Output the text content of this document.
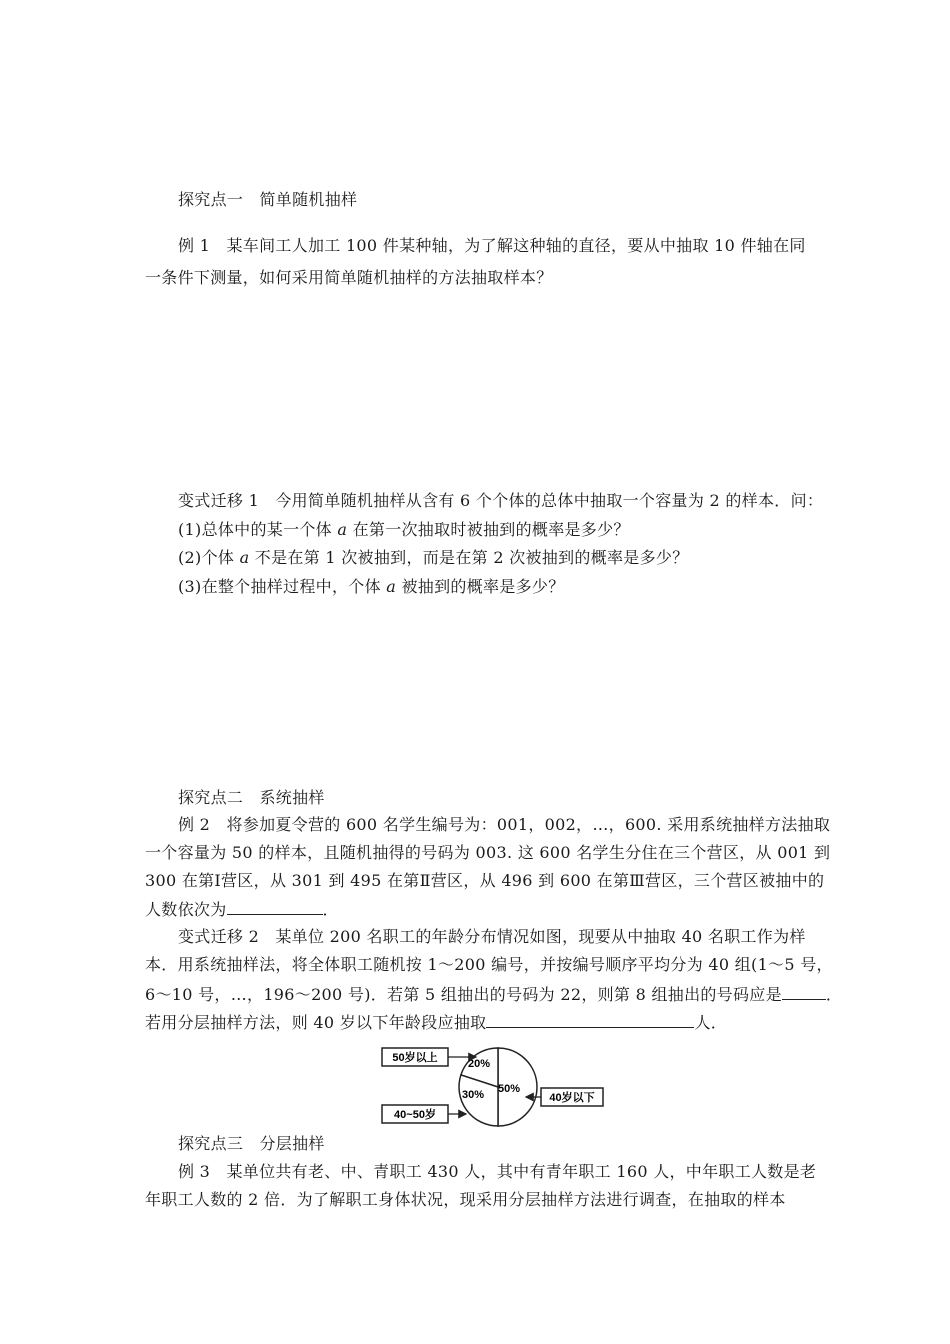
探究点一　简单随机抽样
例 1　某车间工人加工 100 件某种轴，为了解这种轴的直径，要从中抽取 10 件轴在同
一条件下测量，如何采用简单随机抽样的方法抽取样本？
变式迁移 1　今用简单随机抽样从含有 6 个个体的总体中抽取一个容量为 2 的样本．问：
(1)总体中的某一个体 a 在第一次抽取时被抽到的概率是多少？
(2)个体 a 不是在第 1 次被抽到，而是在第 2 次被抽到的概率是多少？
(3)在整个抽样过程中，个体 a 被抽到的概率是多少？
探究点二　系统抽样
例 2　将参加夏令营的 600 名学生编号为：001，002，…，600. 采用系统抽样方法抽取
一个容量为 50 的样本，且随机抽得的号码为 003. 这 600 名学生分住在三个营区，从 001 到
300 在第Ⅰ营区，从 301 到 495 在第Ⅱ营区，从 496 到 600 在第Ⅲ营区，三个营区被抽中的
人数依次为	．
变式迁移 2　某单位 200 名职工的年龄分布情况如图，现要从中抽取 40 名职工作为样
本．用系统抽样法，将全体职工随机按 1～200 编号，并按编号顺序平均分为 40 组(1～5 号，
6～10 号，…，196～200 号)．若第 5 组抽出的号码为 22，则第 8 组抽出的号码应是	．
若用分层抽样方法，则 40 岁以下年龄段应抽取	人．
20%
30% 50%
50岁以上
40~50岁
40岁以下
探究点三　分层抽样
例 3　某单位共有老、中、青职工 430 人，其中有青年职工 160 人，中年职工人数是老
年职工人数的 2 倍．为了解职工身体状况，现采用分层抽样方法进行调查，在抽取的样本
